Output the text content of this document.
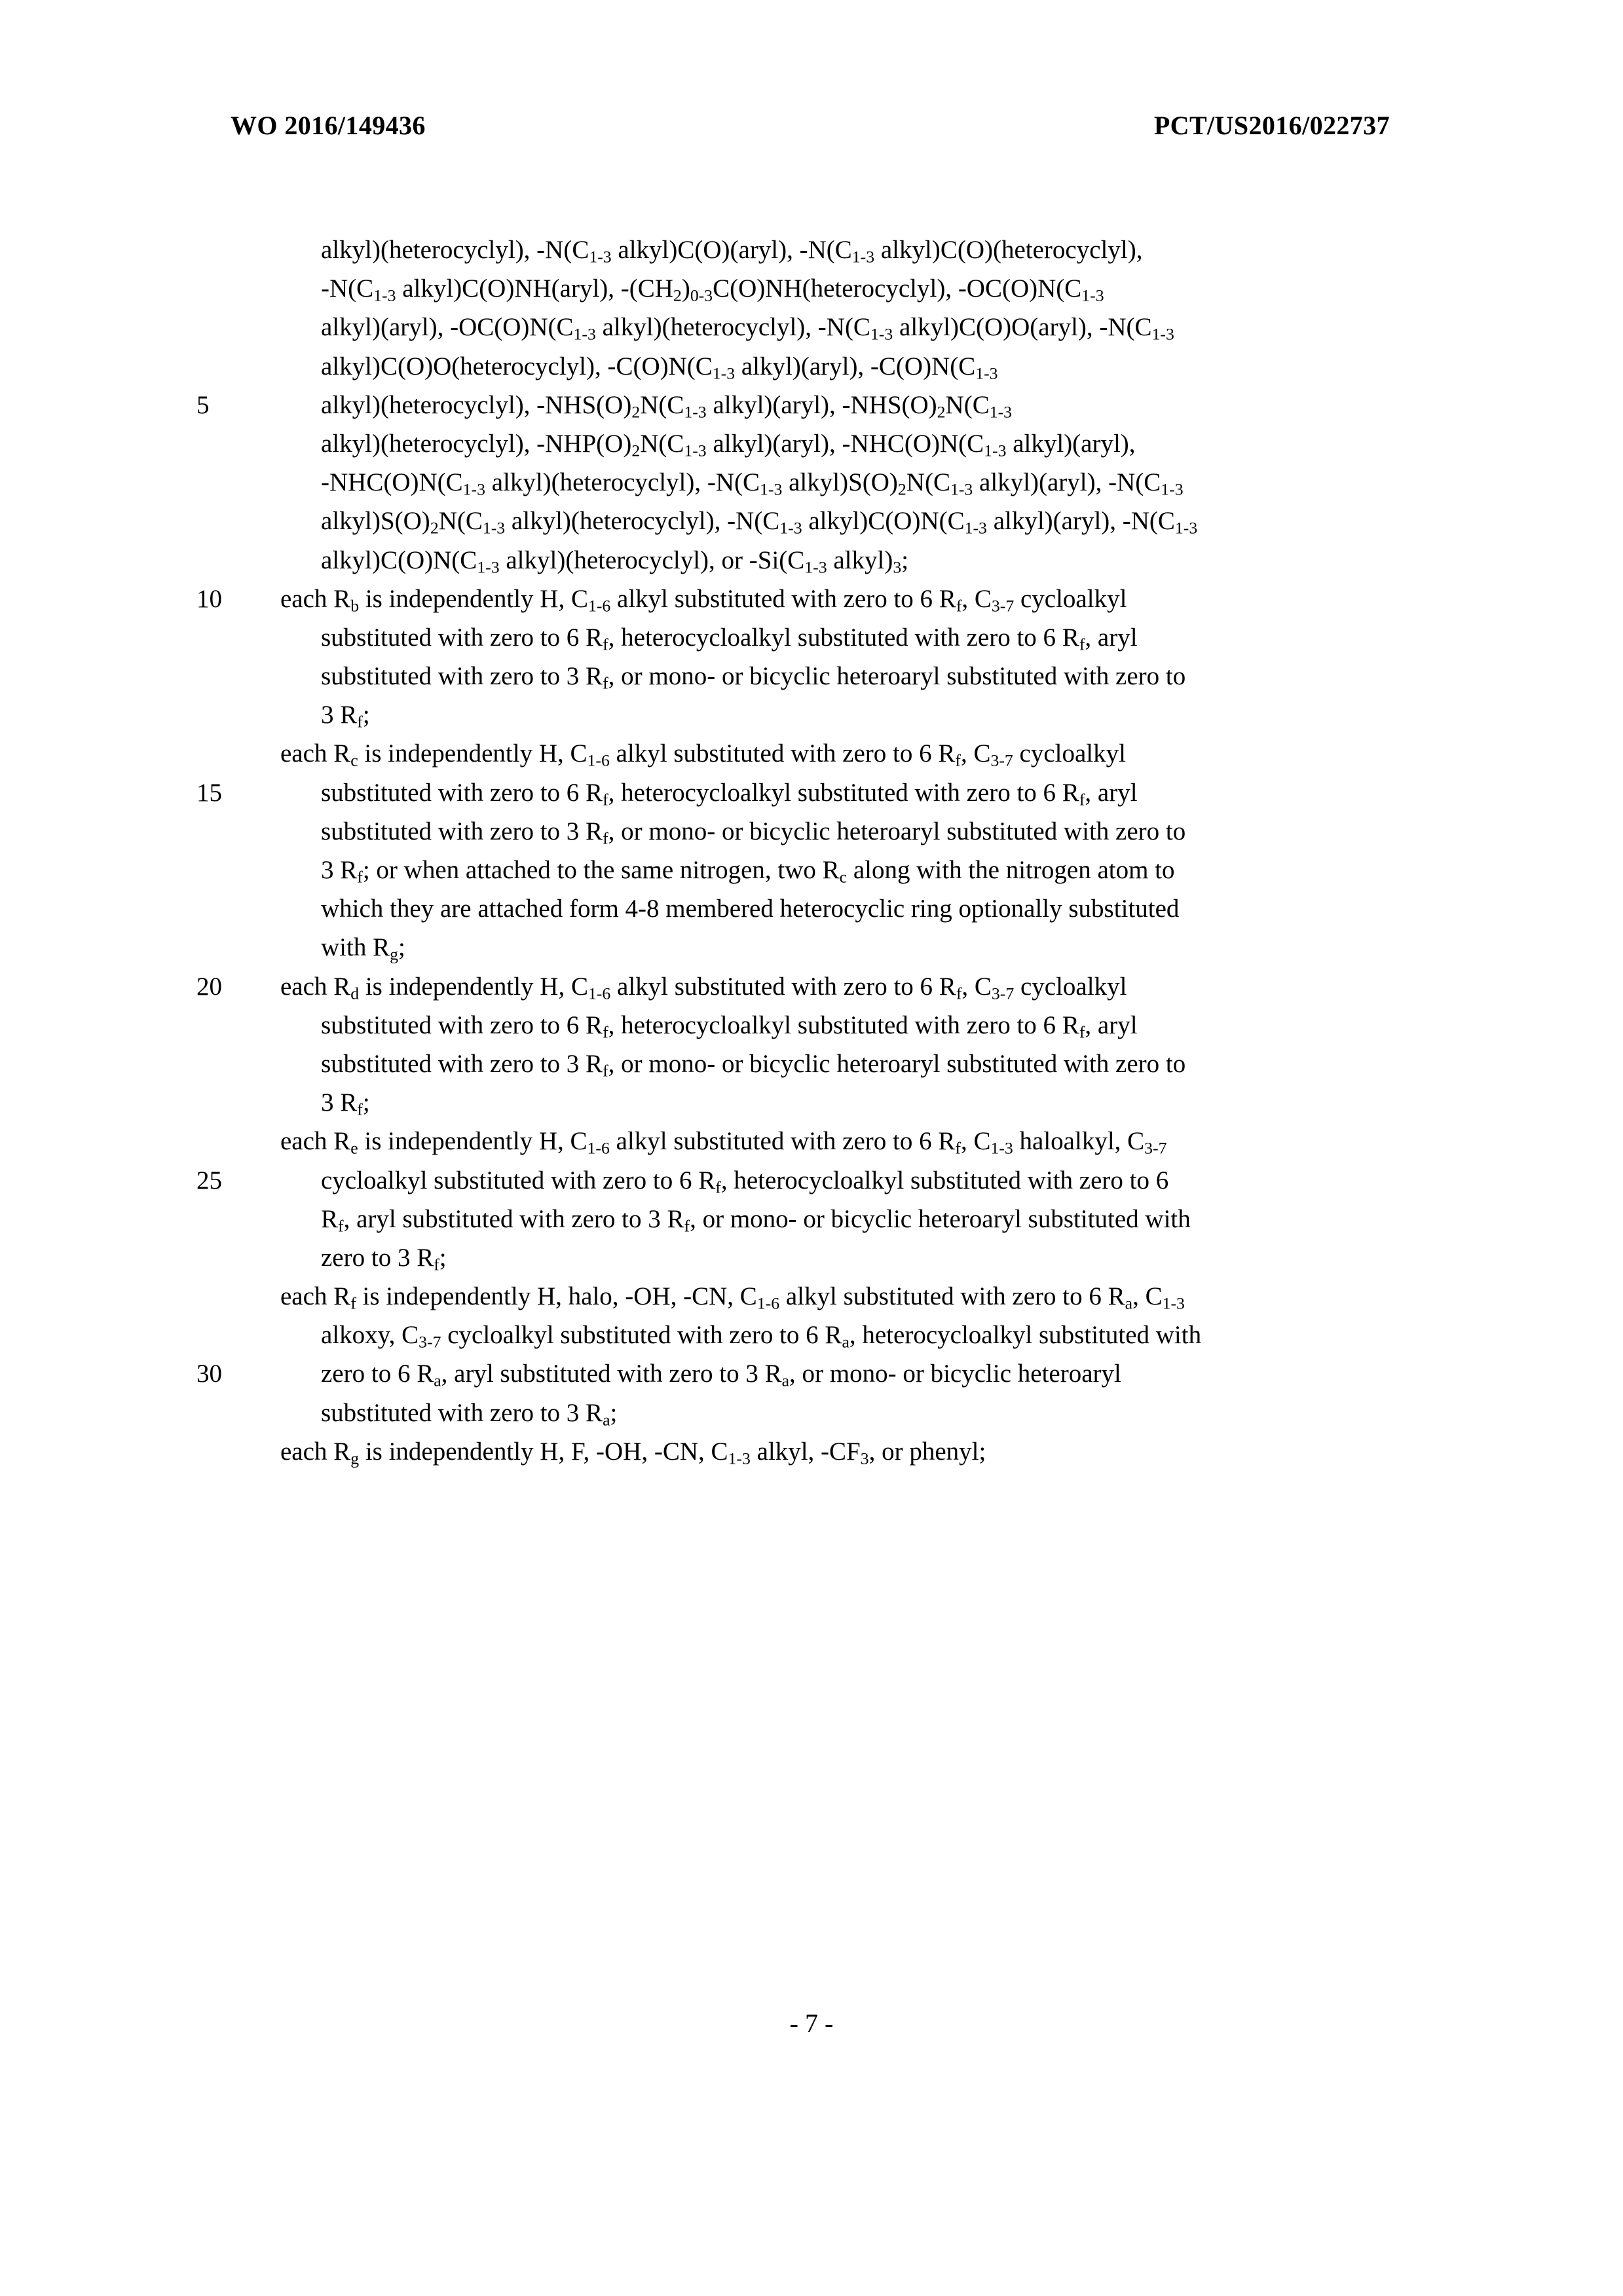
WO 2016/149436	PCT/US2016/022737
alkyl)(heterocyclyl), $-N(C_{1-3}$ alkyl)C(O)(aryl), $-N(C_{1-3}$ alkyl)C(O)(heterocyclyl),
$-N(C_{1-3}$ alkyl)C(O)NH(aryl), $-(CH_2)_{0-3}C(O)NH(heterocyclyl)$, $-OC(O)N(C_{1-3}$
alkyl)(aryl), $-OC(O)N(C_{1-3}$ alkyl)(heterocyclyl), $-N(C_{1-3}$ alkyl)C(O)O(aryl), $-N(C_{1-3}$
alkyl)C(O)O(heterocyclyl), $-C(O)N(C_{1-3}$ alkyl)(aryl), $-C(O)N(C_{1-3}$
5	alkyl)(heterocyclyl), $-NHS(O)_2N(C_{1-3}$ alkyl)(aryl), $-NHS(O)_2N(C_{1-3}$
alkyl)(heterocyclyl), $-NHP(O)_2N(C_{1-3}$ alkyl)(aryl), $-NHC(O)N(C_{1-3}$ alkyl)(aryl),
$-NHC(O)N(C_{1-3}$ alkyl)(heterocyclyl), $-N(C_{1-3}$ $alkyl)S(O)_2N(C_{1-3}$ alkyl)(aryl), $-N(C_{1-3}$
$alkyl)S(O)_2N(C_{1-3}$ alkyl)(heterocyclyl), $-N(C_{1-3}$ $alkyl)C(O)N(C_{1-3}$ alkyl)(aryl), $-N(C_{1-3}$
$alkyl)C(O)N(C_{1-3}$ alkyl)(heterocyclyl), or $-Si(C_{1-3}$ $alkyl)_3$;
10	each $R_b$ is independently H, $C_{1-6}$ alkyl substituted with zero to 6 $R_f$, $C_{3-7}$ cycloalkyl
substituted with zero to 6 $R_f$, heterocycloalkyl substituted with zero to 6 $R_f$, aryl
substituted with zero to 3 $R_f$, or mono- or bicyclic heteroaryl substituted with zero to
3 $R_f$;
each $R_c$ is independently H, $C_{1-6}$ alkyl substituted with zero to 6 $R_f$, $C_{3-7}$ cycloalkyl
15	substituted with zero to 6 $R_f$, heterocycloalkyl substituted with zero to 6 $R_f$, aryl
substituted with zero to 3 $R_f$, or mono- or bicyclic heteroaryl substituted with zero to
3 $R_f$; or when attached to the same nitrogen, two $R_c$ along with the nitrogen atom to
which they are attached form 4-8 membered heterocyclic ring optionally substituted
with $R_g$;
20	each $R_d$ is independently H, $C_{1-6}$ alkyl substituted with zero to 6 $R_f$, $C_{3-7}$ cycloalkyl
substituted with zero to 6 $R_f$, heterocycloalkyl substituted with zero to 6 $R_f$, aryl
substituted with zero to 3 $R_f$, or mono- or bicyclic heteroaryl substituted with zero to
3 $R_f$;
each $R_e$ is independently H, $C_{1-6}$ alkyl substituted with zero to 6 $R_f$, $C_{1-3}$ haloalkyl, $C_{3-7}$
25	cycloalkyl substituted with zero to 6 $R_f$, heterocycloalkyl substituted with zero to 6
$R_f$, aryl substituted with zero to 3 $R_f$, or mono- or bicyclic heteroaryl substituted with
zero to 3 $R_f$;
each $R_f$ is independently H, halo, -OH, -CN, $C_{1-6}$ alkyl substituted with zero to 6 $R_a$, $C_{1-3}$
alkoxy, $C_{3-7}$ cycloalkyl substituted with zero to 6 $R_a$, heterocycloalkyl substituted with
30	zero to 6 $R_a$, aryl substituted with zero to 3 $R_a$, or mono- or bicyclic heteroaryl
substituted with zero to 3 $R_a$;
each $R_g$ is independently H, F, -OH, -CN, $C_{1-3}$ alkyl, $-CF_3$, or phenyl;
- 7 -
